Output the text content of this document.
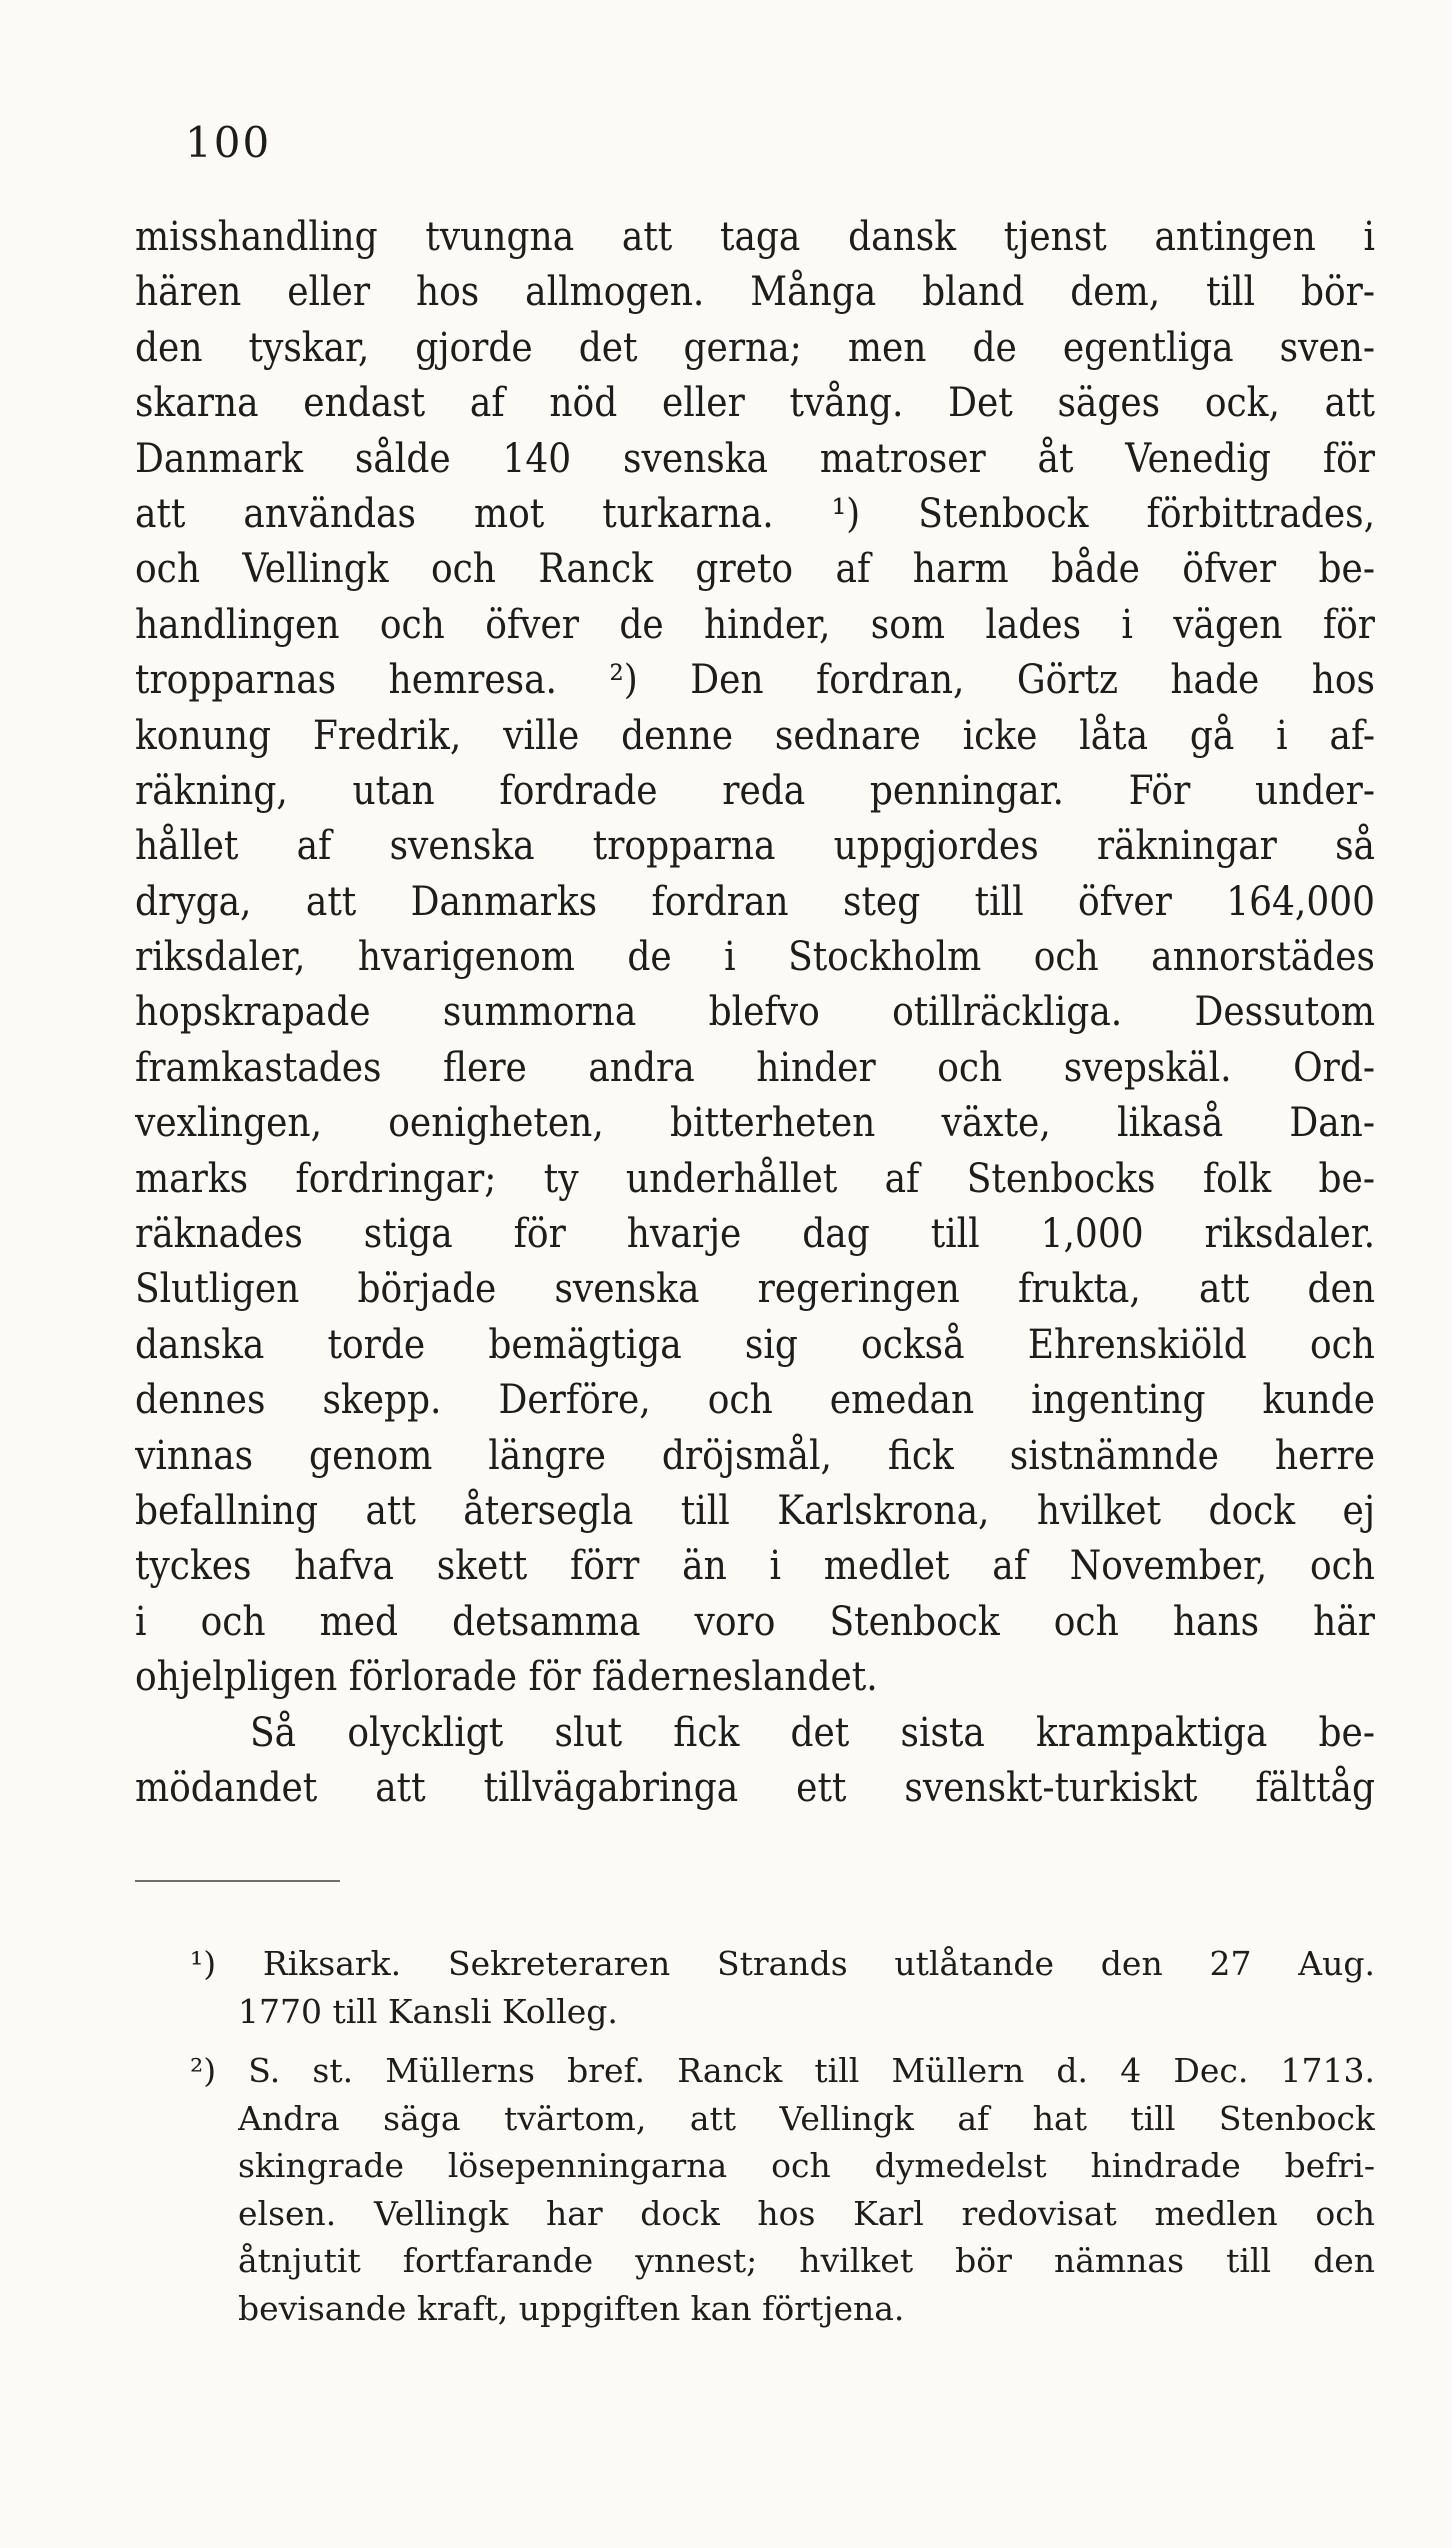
100
misshandling tvungna att taga dansk tjenst antingen i
hären eller hos allmogen. Många bland dem, till bör-
den tyskar, gjorde det gerna; men de egentliga sven-
skarna endast af nöd eller tvång. Det säges ock, att
Danmark sålde 140 svenska matroser åt Venedig för
att användas mot turkarna. ¹) Stenbock förbittrades,
och Vellingk och Ranck greto af harm både öfver be-
handlingen och öfver de hinder, som lades i vägen för
tropparnas hemresa. ²) Den fordran, Görtz hade hos
konung Fredrik, ville denne sednare icke låta gå i af-
räkning, utan fordrade reda penningar. För under-
hållet af svenska tropparna uppgjordes räkningar så
dryga, att Danmarks fordran steg till öfver 164,000
riksdaler, hvarigenom de i Stockholm och annorstädes
hopskrapade summorna blefvo otillräckliga. Dessutom
framkastades flere andra hinder och svepskäl. Ord-
vexlingen, oenigheten, bitterheten växte, likaså Dan-
marks fordringar; ty underhållet af Stenbocks folk be-
räknades stiga för hvarje dag till 1,000 riksdaler.
Slutligen började svenska regeringen frukta, att den
danska torde bemägtiga sig också Ehrenskiöld och
dennes skepp. Derföre, och emedan ingenting kunde
vinnas genom längre dröjsmål, fick sistnämnde herre
befallning att återsegla till Karlskrona, hvilket dock ej
tyckes hafva skett förr än i medlet af November, och
i och med detsamma voro Stenbock och hans här
ohjelpligen förlorade för fäderneslandet.
Så olyckligt slut fick det sista krampaktiga be-
mödandet att tillvägabringa ett svenskt-turkiskt fälttåg
¹) Riksark. Sekreteraren Strands utlåtande den 27 Aug.
1770 till Kansli Kolleg.
²) S. st. Müllerns bref. Ranck till Müllern d. 4 Dec. 1713.
Andra säga tvärtom, att Vellingk af hat till Stenbock
skingrade lösepenningarna och dymedelst hindrade befri-
elsen. Vellingk har dock hos Karl redovisat medlen och
åtnjutit fortfarande ynnest; hvilket bör nämnas till den
bevisande kraft, uppgiften kan förtjena.
